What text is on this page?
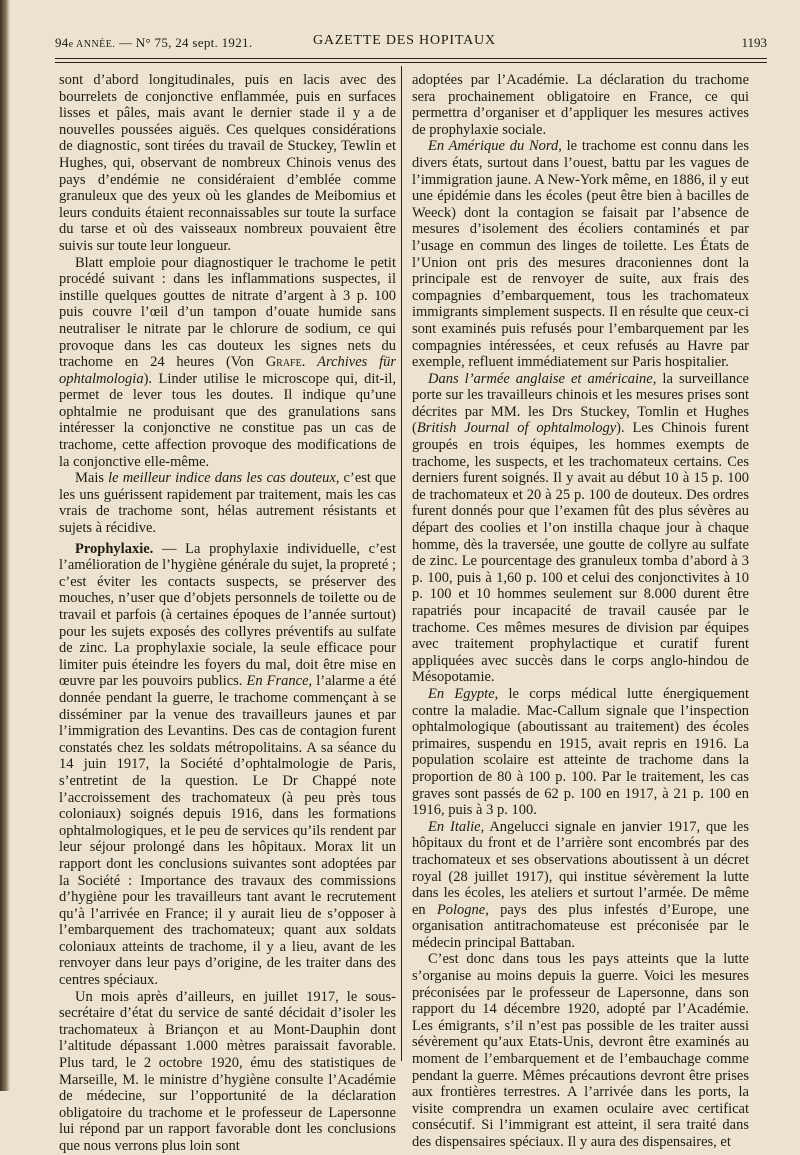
94e ANNÉE. — N° 75, 24 sept. 1921.	GAZETTE DES HOPITAUX	1193

sont d’abord longitudinales, puis en lacis avec des bourrelets de conjonctive enflammée, puis en surfaces lisses et pâles, mais avant le dernier stade il y a de nouvelles poussées aiguës. Ces quelques considérations de diagnostic, sont tirées du travail de Stuckey, Tewlin et Hughes, qui, observant de nombreux Chinois venus des pays d’endémie ne considéraient d’emblée comme granuleux que des yeux où les glandes de Meibomius et leurs conduits étaient reconnaissables sur toute la surface du tarse et où des vaisseaux nombreux pouvaient être suivis sur toute leur longueur.

Blatt emploie pour diagnostiquer le trachome le petit procédé suivant : dans les inflammations suspectes, il instille quelques gouttes de nitrate d’argent à 3 p. 100 puis couvre l’œil d’un tampon d’ouate humide sans neutraliser le nitrate par le chlorure de sodium, ce qui provoque dans les cas douteux les signes nets du trachome en 24 heures (Von Grafe. Archives für ophtalmologia). Linder utilise le microscope qui, dit-il, permet de lever tous les doutes. Il indique qu’une ophtalmie ne produisant que des granulations sans intéresser la conjonctive ne constitue pas un cas de trachome, cette affection provoque des modifications de la conjonctive elle-même.

Mais le meilleur indice dans les cas douteux, c’est que les uns guérissent rapidement par traitement, mais les cas vrais de trachome sont, hélas autrement résistants et sujets à récidive.

Prophylaxie. — La prophylaxie individuelle, c’est l’amélioration de l’hygiène générale du sujet, la propreté ; c’est éviter les contacts suspects, se préserver des mouches, n’user que d’objets personnels de toilette ou de travail et parfois (à certaines époques de l’année surtout) pour les sujets exposés des collyres préventifs au sulfate de zinc. La prophylaxie sociale, la seule efficace pour limiter puis éteindre les foyers du mal, doit être mise en œuvre par les pouvoirs publics. En France, l’alarme a été donnée pendant la guerre, le trachome commençant à se disséminer par la venue des travailleurs jaunes et par l’immigration des Levantins. Des cas de contagion furent constatés chez les soldats métropolitains. A sa séance du 14 juin 1917, la Société d’ophtalmologie de Paris, s’entretint de la question. Le Dr Chappé note l’accroissement des trachomateux (à peu près tous coloniaux) soignés depuis 1916, dans les formations ophtalmologiques, et le peu de services qu’ils rendent par leur séjour prolongé dans les hôpitaux. Morax lit un rapport dont les conclusions suivantes sont adoptées par la Société : Importance des travaux des commissions d’hygiène pour les travailleurs tant avant le recrutement qu’à l’arrivée en France; il y aurait lieu de s’opposer à l’embarquement des trachomateux; quant aux soldats coloniaux atteints de trachome, il y a lieu, avant de les renvoyer dans leur pays d’origine, de les traiter dans des centres spéciaux.

Un mois après d’ailleurs, en juillet 1917, le sous-secrétaire d’état du service de santé décidait d’isoler les trachomateux à Briançon et au Mont-Dauphin dont l’altitude dépassant 1.000 mètres paraissait favorable. Plus tard, le 2 octobre 1920, ému des statistiques de Marseille, M. le ministre d’hygiène consulte l’Académie de médecine, sur l’opportunité de la déclaration obligatoire du trachome et le professeur de Lapersonne lui répond par un rapport favorable dont les conclusions que nous verrons plus loin sont

adoptées par l’Académie. La déclaration du trachome sera prochainement obligatoire en France, ce qui permettra d’organiser et d’appliquer les mesures actives de prophylaxie sociale.

En Amérique du Nord, le trachome est connu dans les divers états, surtout dans l’ouest, battu par les vagues de l’immigration jaune. A New-York même, en 1886, il y eut une épidémie dans les écoles (peut être bien à bacilles de Weeck) dont la contagion se faisait par l’absence de mesures d’isolement des écoliers contaminés et par l’usage en commun des linges de toilette. Les États de l’Union ont pris des mesures draconiennes dont la principale est de renvoyer de suite, aux frais des compagnies d’embarquement, tous les trachomateux immigrants simplement suspects. Il en résulte que ceux-ci sont examinés puis refusés pour l’embarquement par les compagnies intéressées, et ceux refusés au Havre par exemple, refluent immédiatement sur Paris hospitalier.

Dans l’armée anglaise et américaine, la surveillance porte sur les travailleurs chinois et les mesures prises sont décrites par MM. les Drs Stuckey, Tomlin et Hughes (British Journal of ophtalmology). Les Chinois furent groupés en trois équipes, les hommes exempts de trachome, les suspects, et les trachomateux certains. Ces derniers furent soignés. Il y avait au début 10 à 15 p. 100 de trachomateux et 20 à 25 p. 100 de douteux. Des ordres furent donnés pour que l’examen fût des plus sévères au départ des coolies et l’on instilla chaque jour à chaque homme, dès la traversée, une goutte de collyre au sulfate de zinc. Le pourcentage des granuleux tomba d’abord à 3 p. 100, puis à 1,60 p. 100 et celui des conjonctivites à 10 p. 100 et 10 hommes seulement sur 8.000 durent être rapatriés pour incapacité de travail causée par le trachome. Ces mêmes mesures de division par équipes avec traitement prophylactique et curatif furent appliquées avec succès dans le corps anglo-hindou de Mésopotamie.

En Egypte, le corps médical lutte énergiquement contre la maladie. Mac-Callum signale que l’inspection ophtalmologique (aboutissant au traitement) des écoles primaires, suspendu en 1915, avait repris en 1916. La population scolaire est atteinte de trachome dans la proportion de 80 à 100 p. 100. Par le traitement, les cas graves sont passés de 62 p. 100 en 1917, à 21 p. 100 en 1916, puis à 3 p. 100.

En Italie, Angelucci signale en janvier 1917, que les hôpitaux du front et de l’arrière sont encombrés par des trachomateux et ses observations aboutissent à un décret royal (28 juillet 1917), qui institue sévèrement la lutte dans les écoles, les ateliers et surtout l’armée. De même en Pologne, pays des plus infestés d’Europe, une organisation antitrachomateuse est préconisée par le médecin principal Battaban.

C’est donc dans tous les pays atteints que la lutte s’organise au moins depuis la guerre. Voici les mesures préconisées par le professeur de Lapersonne, dans son rapport du 14 décembre 1920, adopté par l’Académie. Les émigrants, s’il n’est pas possible de les traiter aussi sévèrement qu’aux Etats-Unis, devront être examinés au moment de l’embarquement et de l’embauchage comme pendant la guerre. Mêmes précautions devront être prises aux frontières terrestres. A l’arrivée dans les ports, la visite comprendra un examen oculaire avec certificat consécutif. Si l’immigrant est atteint, il sera traité dans des dispensaires spéciaux. Il y aura des dispensaires, et
